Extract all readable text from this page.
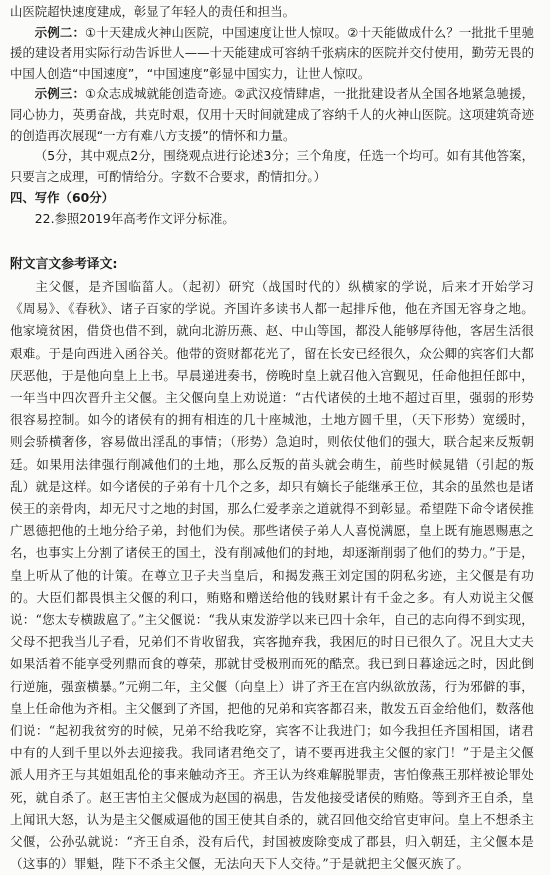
山医院超快速度建成，彰显了年轻人的责任和担当。

示例二：①十天建成火神山医院，中国速度让世人惊叹。②十天能做成什么？一批批千里驰援的建设者用实际行动告诉世人——十天能建成可容纳千张病床的医院并交付使用，勤劳无畏的中国人创造“中国速度”，“中国速度”彰显中国实力，让世人惊叹。

示例三：①众志成城就能创造奇迹。②武汉疫情肆虐，一批批建设者从全国各地紧急驰援，同心协力，英勇奋战，共克时艰，仅用十天时间就建成了容纳千人的火神山医院。这项建筑奇迹的创造再次展现“一方有难八方支援”的情怀和力量。

（5分，其中观点2分，围绕观点进行论述3分；三个角度，任选一个均可。如有其他答案，只要言之成理，可酌情给分。字数不合要求，酌情扣分。）

四、写作（60分）

22.参照2019年高考作文评分标准。

附文言文参考译文:

主父偃，是齐国临菑人。（起初）研究（战国时代的）纵横家的学说，后来才开始学习《周易》、《春秋》、诸子百家的学说。齐国许多读书人都一起排斥他，他在齐国无容身之地。他家境贫困，借贷也借不到，就向北游历燕、赵、中山等国，都没人能够厚待他，客居生活很艰难。于是向西进入函谷关。他带的资财都花光了，留在长安已经很久，众公卿的宾客们大都厌恶他，于是他向皇上上书。早晨递进奏书，傍晚时皇上就召他入宫觐见，任命他担任郎中，一年当中四次晋升主父偃。主父偃向皇上劝说道：“古代诸侯的土地不超过百里，强弱的形势很容易控制。如今的诸侯有的拥有相连的几十座城池，土地方圆千里，（天下形势）宽缓时，则会骄横奢侈，容易做出淫乱的事情；（形势）急迫时，则依仗他们的强大，联合起来反叛朝廷。如果用法律强行削减他们的土地，那么反叛的苗头就会萌生，前些时候晁错（引起的叛乱）就是这样。如今诸侯的子弟有十几个之多，却只有嫡长子能继承王位，其余的虽然也是诸侯王的亲骨肉，却无尺寸之地的封国，那么仁爱孝亲之道就得不到彰显。希望陛下命令诸侯推广恩德把他的土地分给子弟，封他们为侯。那些诸侯子弟人人喜悦满愿，皇上既有施恩赐惠之名，也事实上分割了诸侯王的国土，没有削减他们的封地，却逐渐削弱了他们的势力。”于是，皇上听从了他的计策。在尊立卫子夫当皇后，和揭发燕王刘定国的阴私劣迹，主父偃是有功的。大臣们都畏惧主父偃的利口，贿赂和赠送给他的钱财累计有千金之多。有人劝说主父偃说：“您太专横跋扈了。”主父偃说：“我从束发游学以来已四十余年，自己的志向得不到实现，父母不把我当儿子看，兄弟们不肯收留我，宾客抛弃我，我困厄的时日已很久了。况且大丈夫如果活着不能享受列鼎而食的尊荣，那就甘受极刑而死的酷烹。我已到日暮途远之时，因此倒行逆施，强蛮横暴。”元朔二年，主父偃（向皇上）讲了齐王在宫内纵欲放荡，行为邪僻的事，皇上任命他为齐相。主父偃到了齐国，把他的兄弟和宾客都召来，散发五百金给他们，数落他们说：“起初我贫穷的时候，兄弟不给我吃穿，宾客不让我进门；如今我担任齐国相国，诸君中有的人到千里以外去迎接我。我同诸君绝交了，请不要再进我主父偃的家门！”于是主父偃派人用齐王与其姐姐乱伦的事来触动齐王。齐王认为终难解脱罪责，害怕像燕王那样被论罪处死，就自杀了。赵王害怕主父偃成为赵国的祸患，告发他接受诸侯的贿赂。等到齐王自杀，皇上闻讯大怒，认为是主父偃威逼他的国王使其自杀的，就召回他交给官吏审问。皇上不想杀主父偃，公孙弘就说：“齐王自杀，没有后代，封国被废除变成了郡县，归入朝廷，主父偃本是（这事的）罪魁，陛下不杀主父偃，无法向天下人交待。”于是就把主父偃灭族了。
